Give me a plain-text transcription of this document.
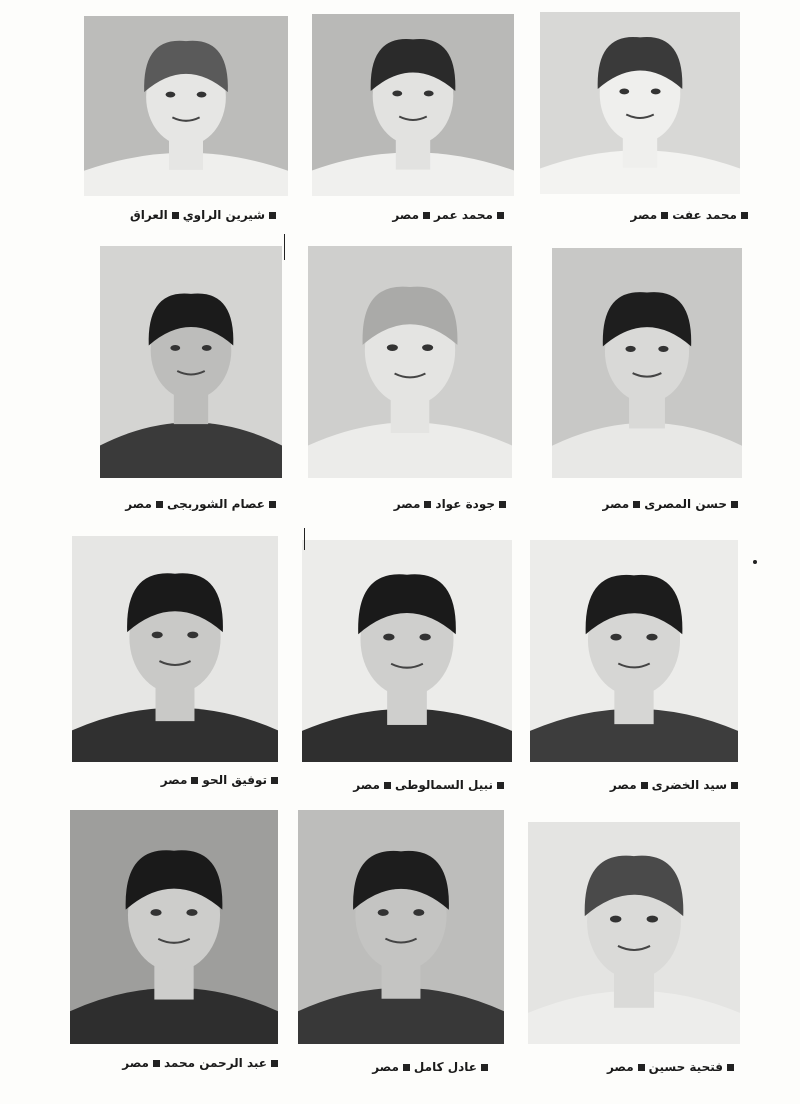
محمد عفتمصر
محمد عمرمصر
شيرين الراويالعراق
حسن المصرىمصر
جودة عوادمصر
عصام الشوربجىمصر
سيد الخضرىمصر
نبيل السمالوطىمصر
توفيق الحومصر
فتحية حسينمصر
عادل كاملمصر
عبد الرحمن محمدمصر
